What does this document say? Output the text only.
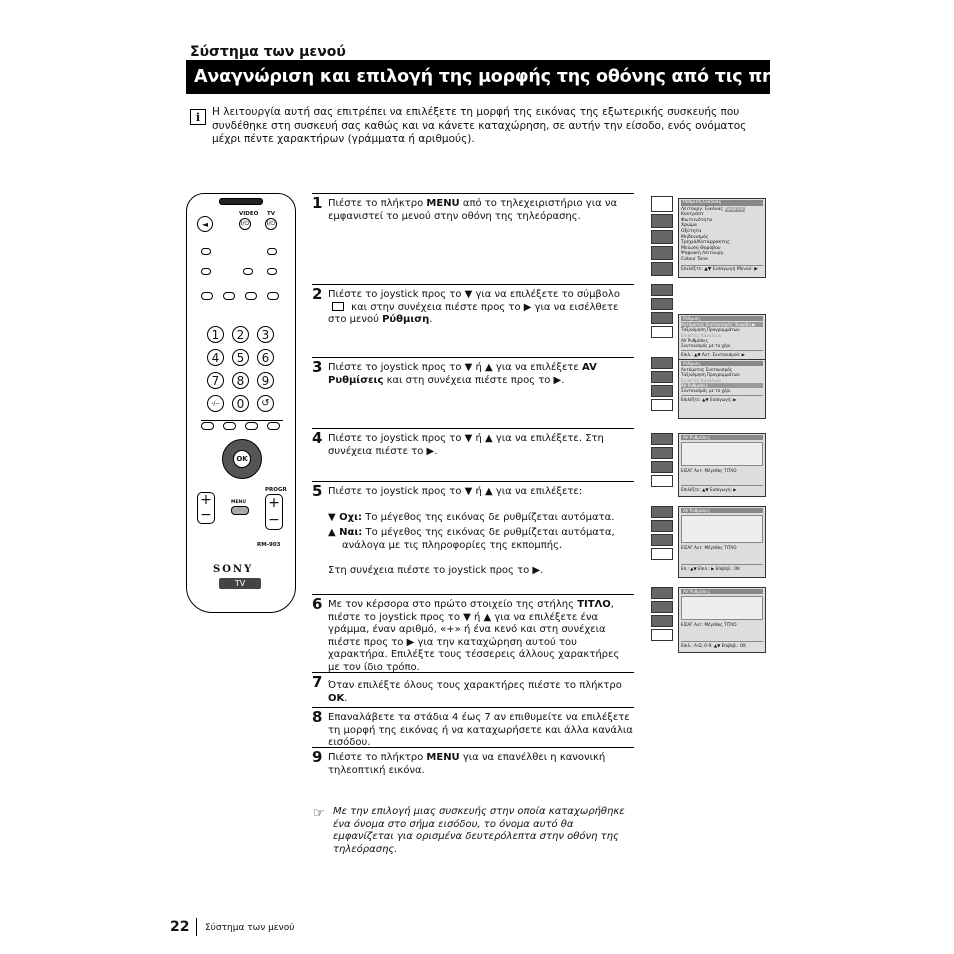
Σύστημα των μενού
Αναγνώριση και επιλογή της μορφής της οθόνης από τις πηγές εισόδου
i	Η λειτουργία αυτή σας επιτρέπει να επιλέξετε τη μορφή της εικόνας της εξωτερικής συσκευής που συνδέθηκε στη συσκευή σας καθώς και να κάνετε καταχώρηση, σε αυτήν την είσοδο, ενός ονόματος μέχρι πέντε χαρακτήρων (γράμματα ή αριθμούς).
VIDEO TV
◄	I/⏻	I/⏻
1	2	3
4	5	6
7	8	9
-/--	0	↺
OK
+
−
MENU
PROGR
+
−
RM-903
SONY
TV
1 Πιέστε το πλήκτρο MENU από το τηλεχειριστήριο για να εμφανιστεί το μενού στην οθόνη της τηλεόρασης.
2 Πιέστε το joystick προς το ▼ για να επιλέξετε το σύμβολο  και στην συνέχεια πιέστε προς το ▶ για να εισέλθετε στο μενού Ρύθμιση.
3 Πιέστε το joystick προς το ▼ ή ▲ για να επιλέξετε AV Ρυθμίσεις και στη συνέχεια πιέστε προς το ▶.
4 Πιέστε το joystick προς το ▼ ή ▲ για να επιλέξετε. Στη συνέχεια πιέστε το ▶.
5 Πιέστε το joystick προς το ▼ ή ▲ για να επιλέξετε:
▼ Οχι: Το μέγεθος της εικόνας δε ρυθμίζεται αυτόματα.
▲ Ναι: Το μέγεθος της εικόνας δε ρυθμίζεται αυτόματα, ανάλογα με τις πληροφορίες της εκπομπής.
Στη συνέχεια πιέστε το joystick προς το ▶.
6 Με τον κέρσορα στο πρώτο στοιχείο της στήλης ΤΙΤΛΟ, πιέστε το joystick προς το ▼ ή ▲ για να επιλέξετε ένα γράμμα, έναν αριθμό, «+» ή ένα κενό και στη συνέχεια πιέστε προς το ▶ για την καταχώρηση αυτού του χαρακτήρα. Επιλέξτε τους τέσσερεις άλλους χαρακτήρες με τον ίδιο τρόπο.
7 Όταν επιλέξτε όλους τους χαρακτήρες πιέστε το πλήκτρο OK.
8 Επαναλάβετε τα στάδια 4 έως 7 αν επιθυμείτε να επιλέξετε τη μορφή της εικόνας ή να καταχωρήσετε και άλλα κανάλια εισόδου.
9 Πιέστε το πλήκτρο MENU για να επανέλθει η κανονική τηλεοπτική εικόνα.
☞ Με την επιλογή μιας συσκευής στην οποία καταχωρήθηκε ένα όνομα στο σήμα εισόδου, το όνομα αυτό θα εμφανίζεται για ορισμένα δευτερόλεπτα στην οθόνη της τηλεόρασης.
Ρύθμιση Εικόνας
Λειτουργ. Εικόνας Χρήστης
Κοντράστ
Φωτεινότητα
Χρώμα
Οξύτητα
Μηδενισμός
Τρεχιά/Καταρράκτης
Μείωση Θορύβου
Ψηφιακή Λειτουργ.
Colour Tone
Επιλέξτε: ▲▼ Εισαγωγή Μενού: ▶
Ρύθμιση
Αυτόματος Συντονισμός: Έναρξη ▶
Ταξινόμηση Προγραμμάτων
Ετικέτες Καναλιών
AV Ρυθμίσεις
Συντονισμός με το χέρι
Επιλ.: ▲▼ Αυτ. Συντονισμού: ▶
Ρύθμιση
Αυτόματος Συντονισμός
Ταξινόμηση Προγραμμάτων
Ετικέτες Καναλιών
AV Ρυθμίσεις
Συντονισμός με το χέρι
Επιλέξτε: ▲▼ Εισαγωγή: ▶
AV Ρυθμίσεις
ΕΙΣΑΓ Αυτ. Μέγεθος ΤΙΤΛΟ
Επιλέξτε: ▲▼ Εισαγωγή: ▶
AV Ρυθμίσεις
ΕΙΣΑΓ Αυτ. Μέγεθος ΤΙΤΛΟ
Επ.: ▲▼ Επιλ.: ▶ Επιβεβ.: OK
AV Ρυθμίσεις
ΕΙΣΑΓ Αυτ. Μέγεθος ΤΙΤΛΟ
Επιλ.: A-Ω, 0-9: ▲▼ Επιβεβ.: OK
22 Σύστημα των μενού
